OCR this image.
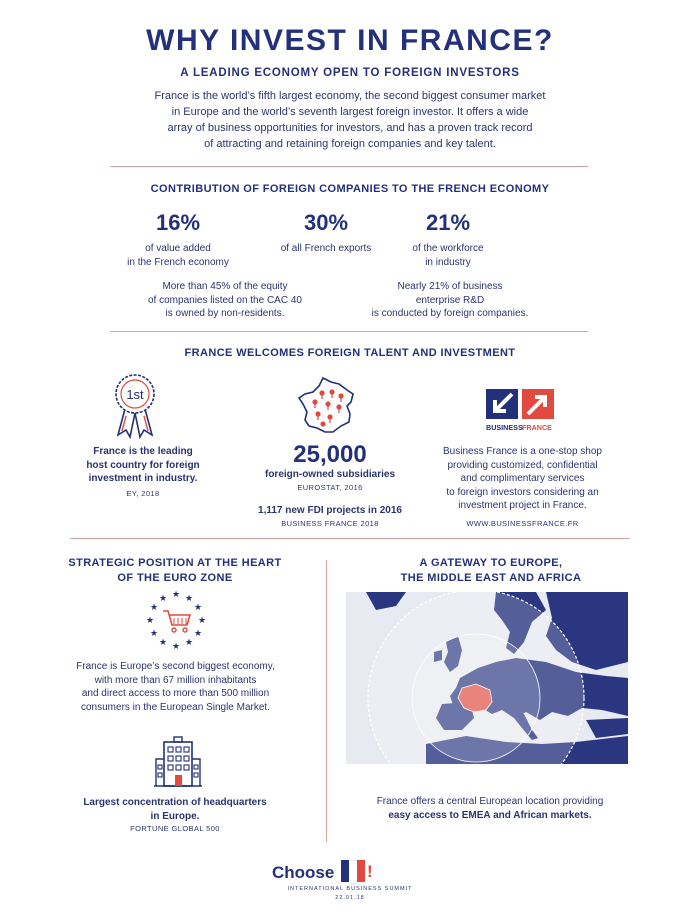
WHY INVEST IN FRANCE?
A LEADING ECONOMY OPEN TO FOREIGN INVESTORS
France is the world’s fifth largest economy, the second biggest consumer market
in Europe and the world’s seventh largest foreign investor. It offers a wide
array of business opportunities for investors, and has a proven track record
of attracting and retaining foreign companies and key talent.
CONTRIBUTION OF FOREIGN COMPANIES TO THE FRENCH ECONOMY
16%
of value added
in the French economy
30%
of all French exports
21%
of the workforce
in industry
More than 45% of the equity
of companies listed on the CAC 40
is owned by non-residents.
Nearly 21% of business
enterprise R&D
is conducted by foreign companies.
FRANCE WELCOMES FOREIGN TALENT AND INVESTMENT
1st
France is the leading
host country for foreign
investment in industry.
EY, 2018
25,000
foreign-owned subsidiaries
EUROSTAT, 2016
1,117 new FDI projects in 2016
BUSINESS FRANCE 2018
BUSINESS FRANCE
Business France is a one-stop shop
providing customized, confidential
and complimentary services
to foreign investors considering an
investment project in France.
WWW.BUSINESSFRANCE.FR
STRATEGIC POSITION AT THE HEART
OF THE EURO ZONE
★ ★
★
★
★
★
★
★
★
★
★
★
France is Europe’s second biggest economy,
with more than 67 million inhabitants
and direct access to more than 500 million
consumers in the European Single Market.
Largest concentration of headquarters
in Europe.
FORTUNE GLOBAL 500
A GATEWAY TO EUROPE,
THE MIDDLE EAST AND AFRICA
France offers a central European location providing
easy access to EMEA and African markets.
Choose !
INTERNATIONAL BUSINESS SUMMIT
22.01.18
